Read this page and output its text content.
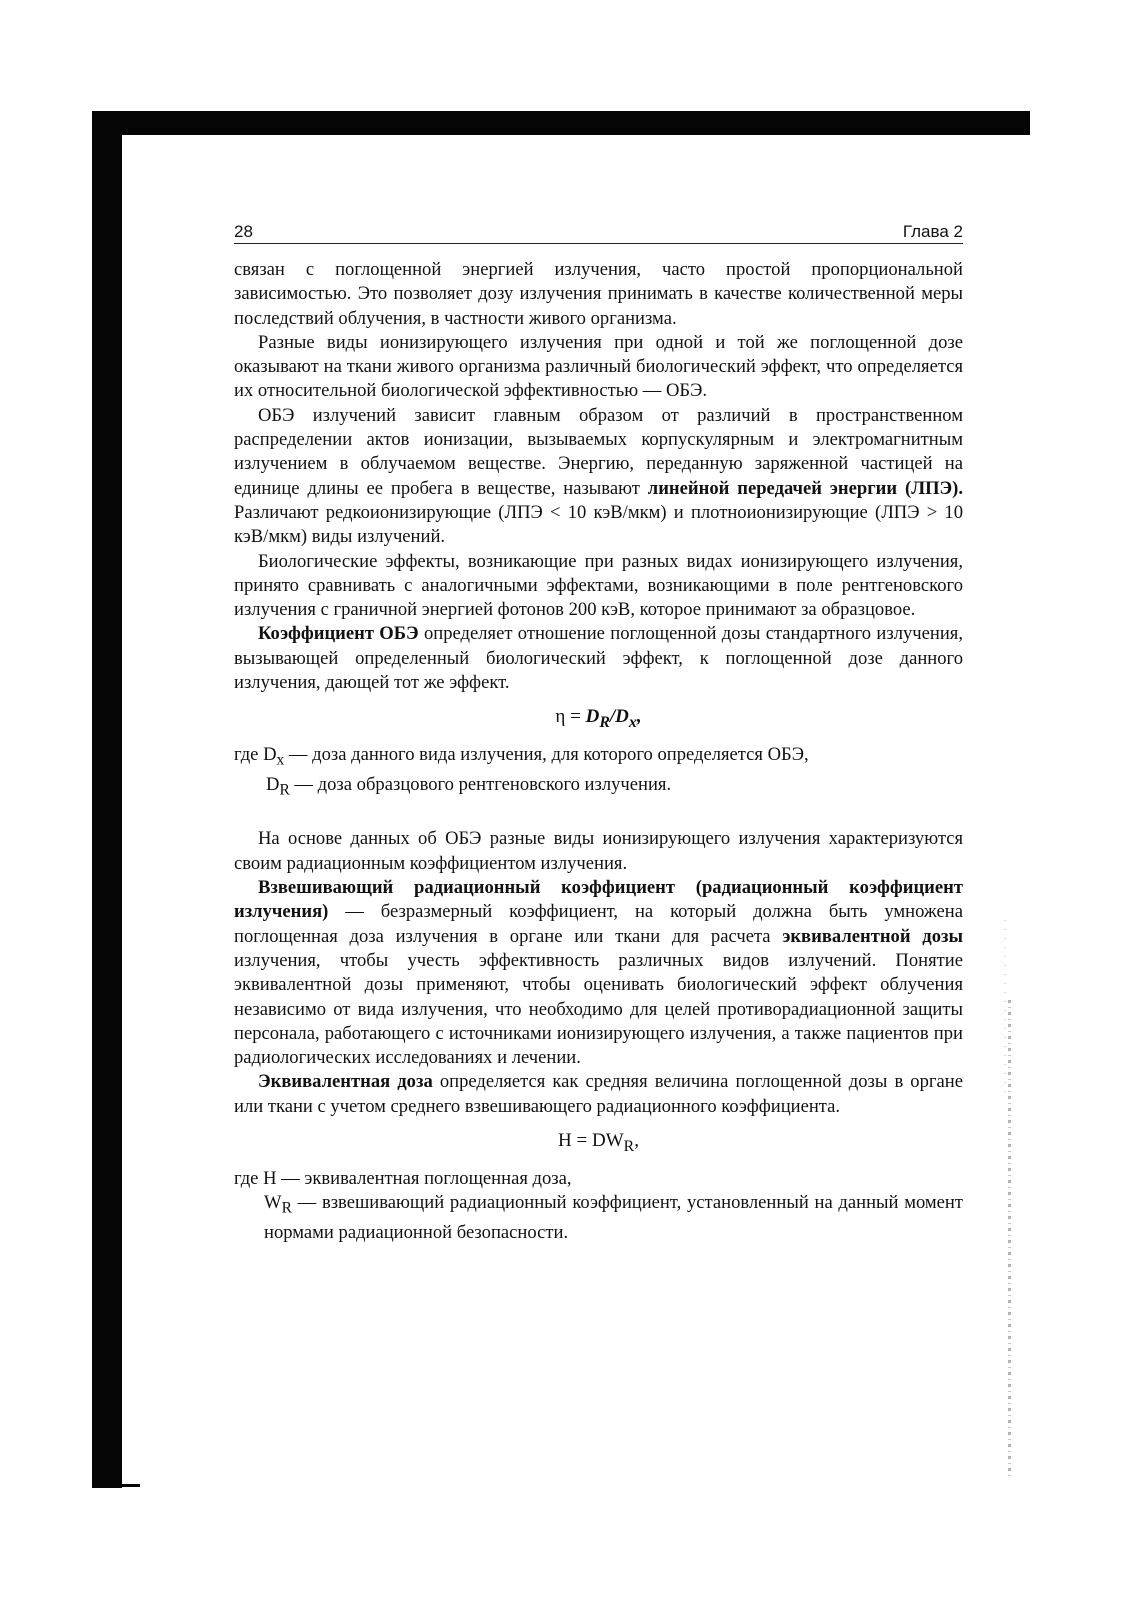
28	Глава 2

связан с поглощенной энергией излучения, часто простой пропорциональной зависимостью. Это позволяет дозу излучения принимать в качестве количественной меры последствий облучения, в частности живого организма.

Разные виды ионизирующего излучения при одной и той же поглощенной дозе оказывают на ткани живого организма различный биологический эффект, что определяется их относительной биологической эффективностью — ОБЭ.

ОБЭ излучений зависит главным образом от различий в пространственном распределении актов ионизации, вызываемых корпускулярным и электромагнитным излучением в облучаемом веществе. Энергию, переданную заряженной частицей на единице длины ее пробега в веществе, называют линейной передачей энергии (ЛПЭ). Различают редкоионизирующие (ЛПЭ < 10 кэВ/мкм) и плотноионизирующие (ЛПЭ > 10 кэВ/мкм) виды излучений.

Биологические эффекты, возникающие при разных видах ионизирующего излучения, принято сравнивать с аналогичными эффектами, возникающими в поле рентгеновского излучения с граничной энергией фотонов 200 кэВ, которое принимают за образцовое.

Коэффициент ОБЭ определяет отношение поглощенной дозы стандартного излучения, вызывающей определенный биологический эффект, к поглощенной дозе данного излучения, дающей тот же эффект.

$\eta = D_R/D_x$,
где $D_x$ — доза данного вида излучения, для которого определяется ОБЭ,
$D_R$ — доза образцового рентгеновского излучения.

На основе данных об ОБЭ разные виды ионизирующего излучения характеризуются своим радиационным коэффициентом излучения.

Взвешивающий радиационный коэффициент (радиационный коэффициент излучения) — безразмерный коэффициент, на который должна быть умножена поглощенная доза излучения в органе или ткани для расчета эквивалентной дозы излучения, чтобы учесть эффективность различных видов излучений. Понятие эквивалентной дозы применяют, чтобы оценивать биологический эффект облучения независимо от вида излучения, что необходимо для целей противорадиационной защиты персонала, работающего с источниками ионизирующего излучения, а также пациентов при радиологических исследованиях и лечении.

Эквивалентная доза определяется как средняя величина поглощенной дозы в органе или ткани с учетом среднего взвешивающего радиационного коэффициента.

$H = DW_R$,
где H — эквивалентная поглощенная доза,
$W_R$ — взвешивающий радиационный коэффициент, установленный на данный момент нормами радиационной безопасности.
